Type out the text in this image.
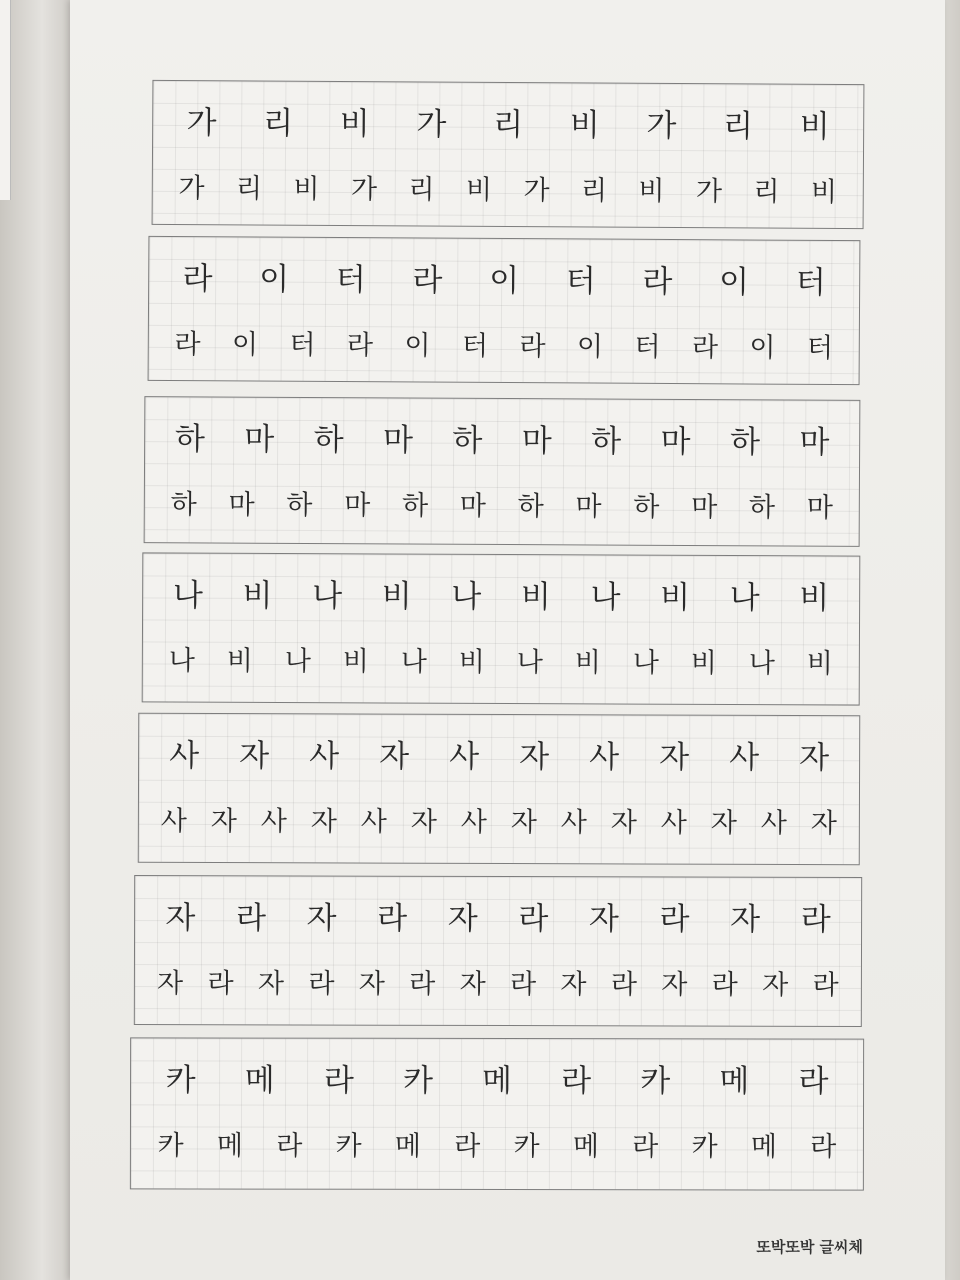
가 리 비 가 리 비 가 리 비
가 리 비 가 리 비 가 리 비 가 리 비
라 이 터 라 이 터 라 이 터
라 이 터 라 이 터 라 이 터 라 이 터
하 마 하 마 하 마 하 마 하 마
하 마 하 마 하 마 하 마 하 마 하 마
나 비 나 비 나 비 나 비 나 비
나 비 나 비 나 비 나 비 나 비 나 비
사 자 사 자 사 자 사 자 사 자
사 자 사 자 사 자 사 자 사 자 사 자 사 자
자 라 자 라 자 라 자 라 자 라
자 라 자 라 자 라 자 라 자 라 자 라 자 라
카 메 라 카 메 라 카 메 라
카 메 라 카 메 라 카 메 라 카 메 라
또박또박 글씨체
